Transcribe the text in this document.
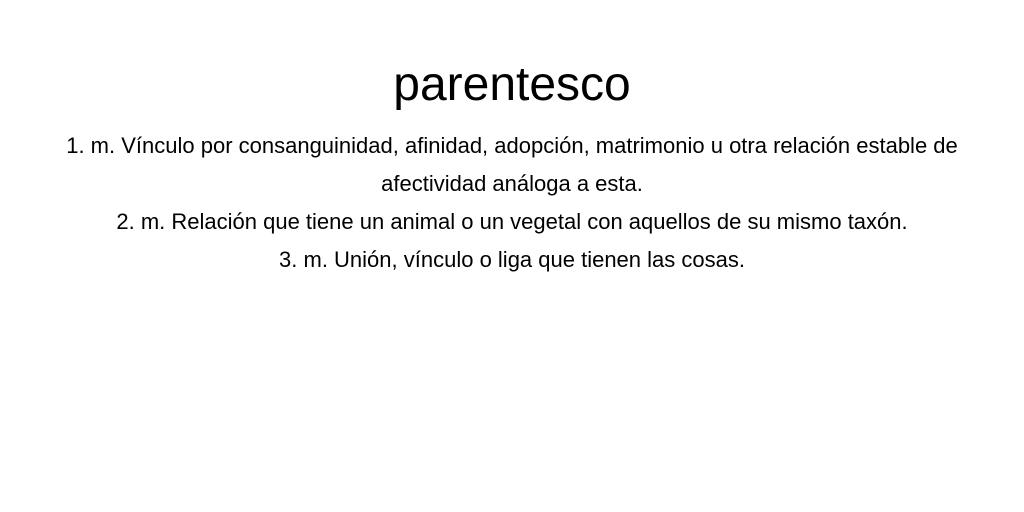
parentesco
1. m. Vínculo por consanguinidad, afinidad, adopción, matrimonio u otra relación estable de afectividad análoga a esta.
2. m. Relación que tiene un animal o un vegetal con aquellos de su mismo taxón.
3. m. Unión, vínculo o liga que tienen las cosas.
